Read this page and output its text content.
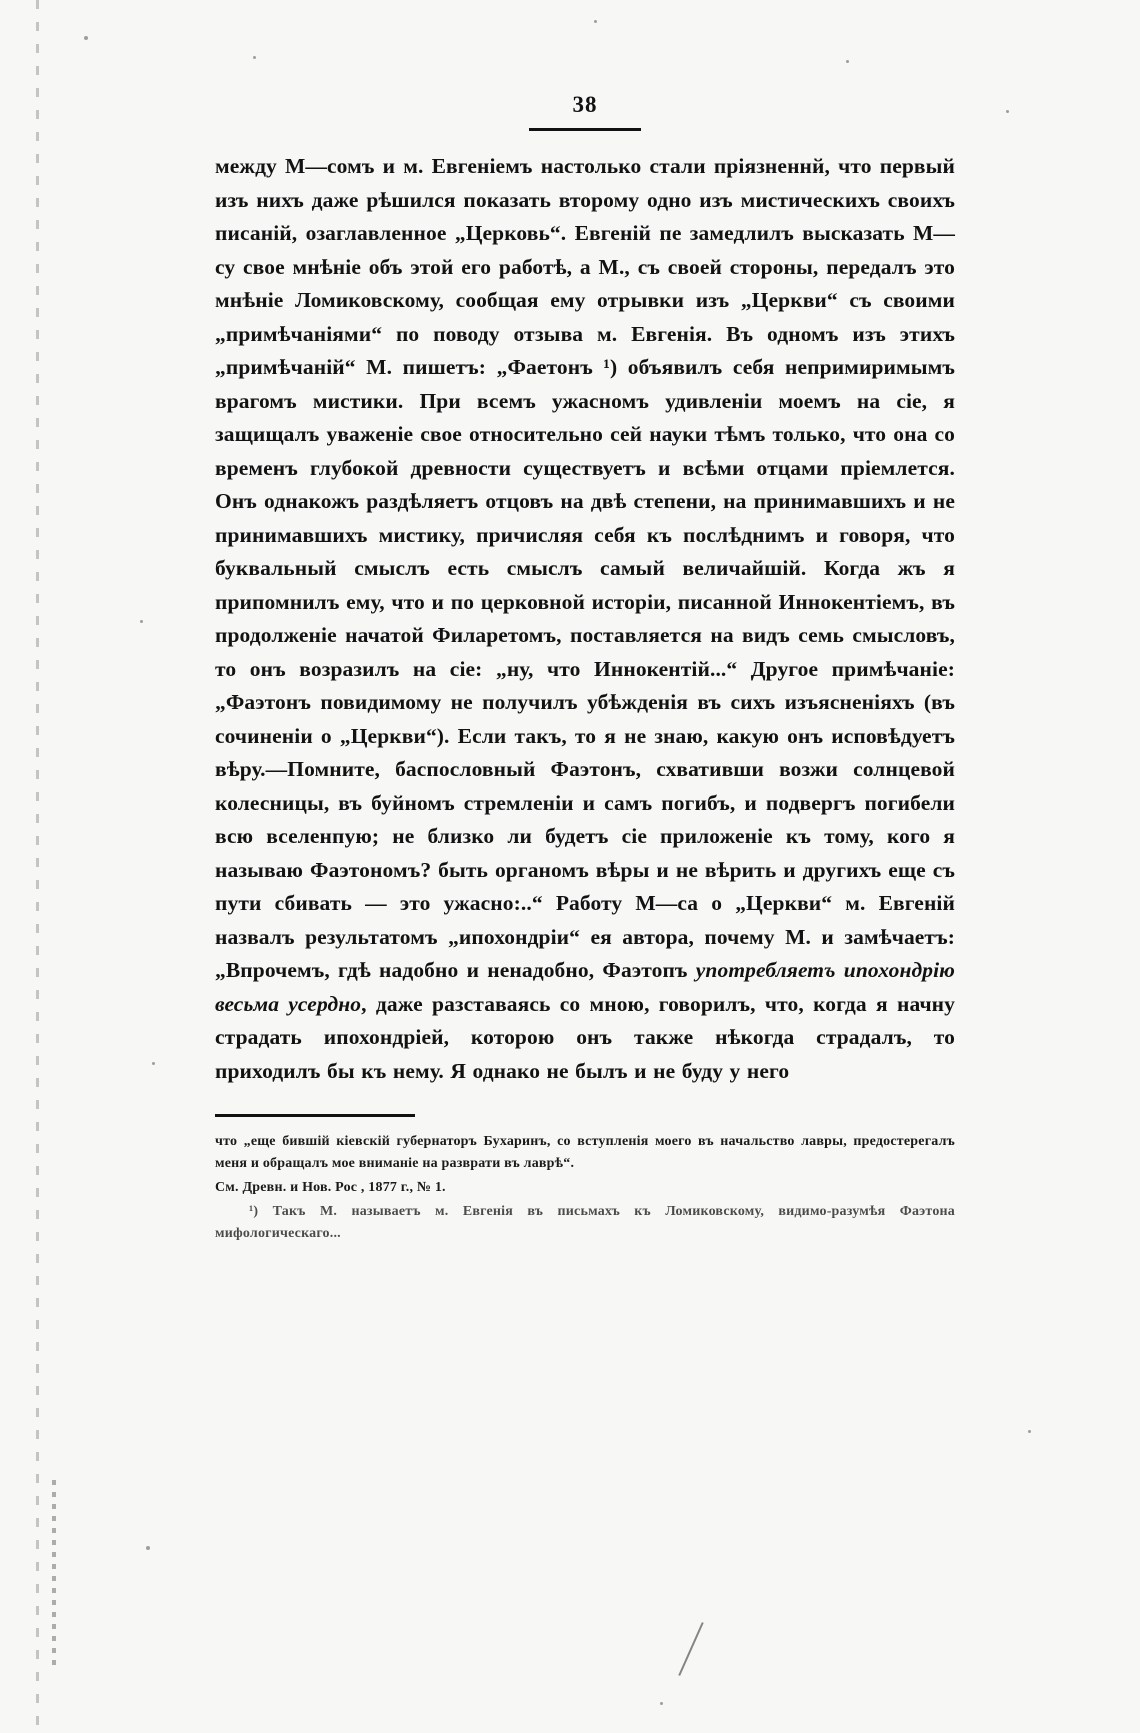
38

между М—сомъ и м. Евгеніемъ настолько стали пріязненнй, что первый изъ нихъ даже рѣшился показать второму одно изъ мистическихъ своихъ писаній, озаглавленное „Церковь“. Евгеній пе замедлилъ высказать М—су свое мнѣніе объ этой его работѣ, а М., съ своей стороны, передалъ это мнѣніе Ломиковскому, сообщая ему отрывки изъ „Церкви“ съ своими „примѣчаніями“ по поводу отзыва м. Евгенія. Въ одномъ изъ этихъ „примѣчаній“ М. пишетъ: „Фаетонъ ¹) объявилъ себя непримиримымъ врагомъ мистики. При всемъ ужасномъ удивленіи моемъ на сіе, я защищалъ уваженіе свое относительно сей науки тѣмъ только, что она со временъ глубокой древности существуетъ и всѣми отцами пріемлется. Онъ однакожъ раздѣляетъ отцовъ на двѣ степени, на принимавшихъ и не принимавшихъ мистику, причисляя себя къ послѣднимъ и говоря, что буквальный смыслъ есть смыслъ самый величайшій. Когда жъ я припомнилъ ему, что и по церковной исторіи, писанной Иннокентіемъ, въ продолженіе начатой Филаретомъ, поставляется на видъ семь смысловъ, то онъ возразилъ на сіе: „ну, что Иннокентій...“ Другое примѣчаніе: „Фаэтонъ повидимому не получилъ убѣжденія въ сихъ изъясненіяхъ (въ сочиненіи о „Церкви“). Если такъ, то я не знаю, какую онъ исповѣдуетъ вѣру.—Помните, баспословный Фаэтонъ, схвативши возжи солнцевой колесницы, въ буйномъ стремленіи и самъ погибъ, и подвергъ погибели всю вселенпую; не близко ли будетъ сіе приложеніе къ тому, кого я называю Фаэтономъ? быть органомъ вѣры и не вѣрить и другихъ еще съ пути сбивать — это ужасно:..“ Работу М—са о „Церкви“ м. Евгеній назвалъ результатомъ „ипохондріи“ ея автора, почему М. и замѣчаетъ: „Впрочемъ, гдѣ надобно и ненадобно, Фаэтопъ употребляетъ ипохондрію весьма усердно, даже разставаясь со мною, говорилъ, что, когда я начну страдать ипохондріей, которою онъ также нѣкогда страдалъ, то приходилъ бы къ нему. Я однако не былъ и не буду у него

что „еще бившій кіевскій губернаторъ Бухаринъ, со вступленія моего въ начальство лавры, предостерегалъ меня и обращалъ мое вниманіе на разврати въ лаврѣ“.

См. Древн. и Нов. Рос , 1877 г., № 1.

¹) Такъ М. называетъ м. Евгенія въ письмахъ къ Ломиковскому, видимо-разумѣя Фаэтона мифологическаго...
